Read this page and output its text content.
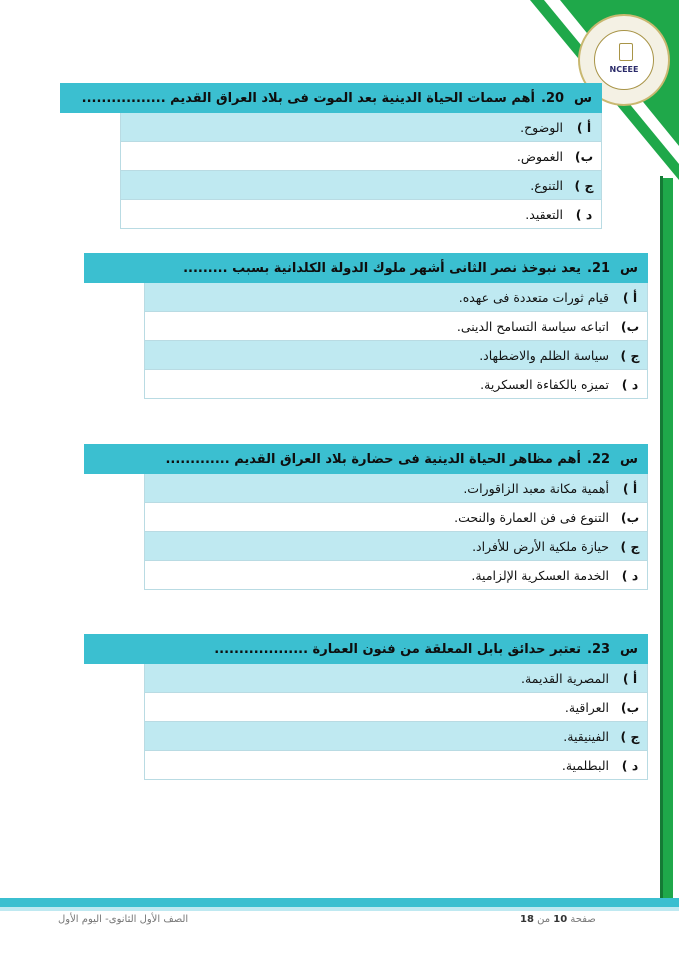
NCEEE
س
20.
أهم سمات الحياة الدينية بعد الموت فى بلاد العراق القديم .................
أ )
الوضوح.
ب)
الغموض.
ج )
التنوع.
د )
التعقيد.
س
21.
يعد نبوخذ نصر الثانى أشهر ملوك الدولة الكلدانية بسبب .........
أ )
قيام ثورات متعددة فى عهده.
ب)
اتباعه سياسة التسامح الدينى.
ج )
سياسة الظلم والاضطهاد.
د )
تميزه بالكفاءة العسكرية.
س
22.
أهم مظاهر الحياة الدينية فى حضارة بلاد العراق القديم .............
أ )
أهمية مكانة معبد الزاقورات.
ب)
التنوع فى فن العمارة والنحت.
ج )
حيازة ملكية الأرض للأفراد.
د )
الخدمة العسكرية الإلزامية.
س
23.
تعتبر حدائق بابل المعلقة من فنون العمارة ...................
أ )
المصرية القديمة.
ب)
العراقية.
ج )
الفينيقية.
د )
البطلمية.
الصف الأول الثانوى- اليوم الأول	صفحة 10 من 18
